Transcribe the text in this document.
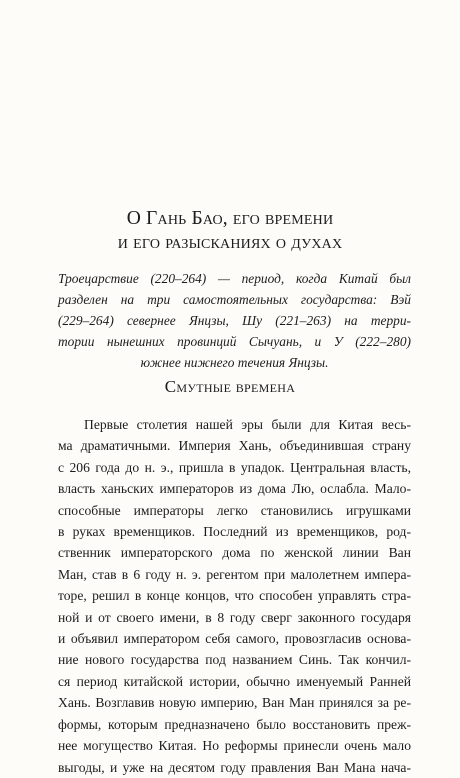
О Гань Бао, его времени
и его разысканиях о духах
Троецарствие (220–264) — период, когда Китай был
разделен на три самостоятельных государства: Вэй
(229–264) севернее Янцзы, Шу (221–263) на терри-
тории нынешних провинций Сычуань, и У (222–280)
южнее нижнего течения Янцзы.
Смутные времена
Первые столетия нашей эры были для Китая весь-
ма драматичными. Империя Хань, объединившая страну
с 206 года до н. э., пришла в упадок. Центральная власть,
власть ханьских императоров из дома Лю, ослабла. Мало-
способные императоры легко становились игрушками
в руках временщиков. Последний из временщиков, род-
ственник императорского дома по женской линии Ван
Ман, став в 6 году н. э. регентом при малолетнем импера-
торе, решил в конце концов, что способен управлять стра-
ной и от своего имени, в 8 году сверг законного государя
и объявил императором себя самого, провозгласив основа-
ние нового государства под названием Синь. Так кончил-
ся период китайской истории, обычно именуемый Ранней
Хань. Возглавив новую империю, Ван Ман принялся за ре-
формы, которым предназначено было восстановить преж-
нее могущество Китая. Но реформы принесли очень мало
выгоды, и уже на десятом году правления Ван Мана нача-
